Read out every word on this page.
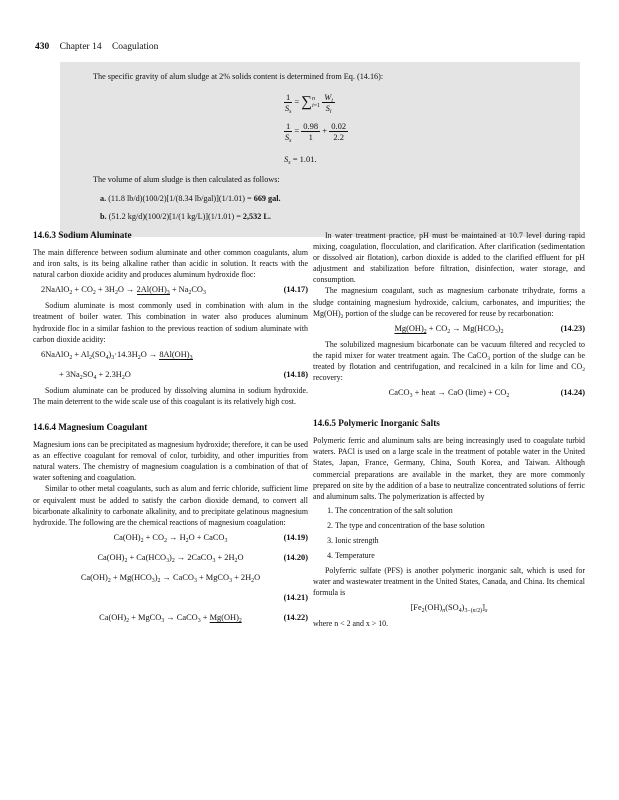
430 Chapter 14 Coagulation

The specific gravity of alum sludge at 2% solids content is determined from Eq. (14.16):

$\frac{1}{S_s} = \sum n$
$i=1 \frac{W_i}{S_i}$
$\frac{1}{S_s} = \frac{0.98}{1} + \frac{0.02}{2.2}$
$S_s = 1.01$.

The volume of alum sludge is then calculated as follows:

a. (11.8 lb/d)(100/2)[1/(8.34 lb/gal)](1/1.01) = 669 gal.

b. (51.2 kg/d)(100/2)[1/(1 kg/L)](1/1.01) = 2,532 L.

14.6.3 Sodium Aluminate

The main difference between sodium aluminate and other common coagulants, alum and iron salts, is its being alkaline rather than acidic in solution. It reacts with the natural carbon dioxide acidity and produces aluminum hydroxide floc:

2NaAlO$_2$ + $CO_2 + 3H_2O \to 2Al(OH)_3 + Na_2CO_3$	(14.17)

Sodium aluminate is most commonly used in combination with alum in the treatment of boiler water. This combination in water also produces aluminum hydroxide floc in a similar fashion to the previous reaction of sodium aluminate with carbon dioxide acidity:

6NaAlO$_2$ + $Al_2(SO_4)_3\cdot 14.3H_2O \to 8Al(OH)_3$
+ $3Na_2SO_4 + 2.3H_2O$	(14.18)

Sodium aluminate can be produced by dissolving alumina in sodium hydroxide. The main deterrent to the wide scale use of this coagulant is its relatively high cost.

14.6.4 Magnesium Coagulant

Magnesium ions can be precipitated as magnesium hydroxide; therefore, it can be used as an effective coagulant for removal of color, turbidity, and other impurities from natural waters. The chemistry of magnesium coagulation is a combination of that of water softening and coagulation.

Similar to other metal coagulants, such as alum and ferric chloride, sufficient lime or equivalent must be added to satisfy the carbon dioxide demand, to convert all bicarbonate alkalinity to carbonate alkalinity, and to precipitate gelatinous magnesium hydroxide. The following are the chemical reactions of magnesium coagulation:

$Ca(OH)_2 + CO_2 \to H_2O$ + CaCO$_3$	(14.19)
$Ca(OH)_2 + Ca(HCO_3)_2$ → 2CaCO$_3$ + $2H_2O$	(14.20)
$Ca(OH)_2 + Mg(HCO_3)_2$ → CaCO$_3$ + MgCO$_3$ + $2H_2O$
(14.21)
$Ca(OH)_2$ + MgCO$_3$ → CaCO$_3$ + $Mg(OH)_2$	(14.22)

In water treatment practice, pH must be maintained at 10.7 level during rapid mixing, coagulation, flocculation, and clarification. After clarification (sedimentation or dissolved air flotation), carbon dioxide is added to the clarified effluent for pH adjustment and stabilization before filtration, disinfection, water storage, and consumption.

The magnesium coagulant, such as magnesium carbonate trihydrate, forms a sludge containing magnesium hydroxide, calcium, carbonates, and impurities; the $Mg(OH)_2$ portion of the sludge can be recovered for reuse by recarbonation:

$Mg(OH)_2 + CO_2 \to Mg(HCO_3)_2$	(14.23)

The solubilized magnesium bicarbonate can be vacuum filtered and recycled to the rapid mixer for water treatment again. The CaCO$_3$ portion of the sludge can be treated by flotation and centrifugation, and recalcined in a kiln for lime and $CO_2$ recovery:

CaCO$_3$ + heat → CaO $(\lim e) + CO_2$	(14.24)

14.6.5 Polymeric Inorganic Salts

Polymeric ferric and aluminum salts are being increasingly used to coagulate turbid waters. PACl is used on a large scale in the treatment of potable water in the United States, Japan, France, Germany, China, South Korea, and Taiwan. Although commercial preparations are available in the market, they are more commonly prepared on site by the addition of a base to neutralize concentrated solutions of ferric and aluminum salts. The polymerization is affected by

1. The concentration of the salt solution
2. The type and concentration of the base solution
3. Ionic strength
4. Temperature

Polyferric sulfate (PFS) is another polymeric inorganic salt, which is used for water and wastewater treatment in the United States, Canada, and China. Its chemical formula is

$[Fe_2(OH)_n(SO_4)_{3-(n/2)}]_x$

where n < 2 and x > 10.
